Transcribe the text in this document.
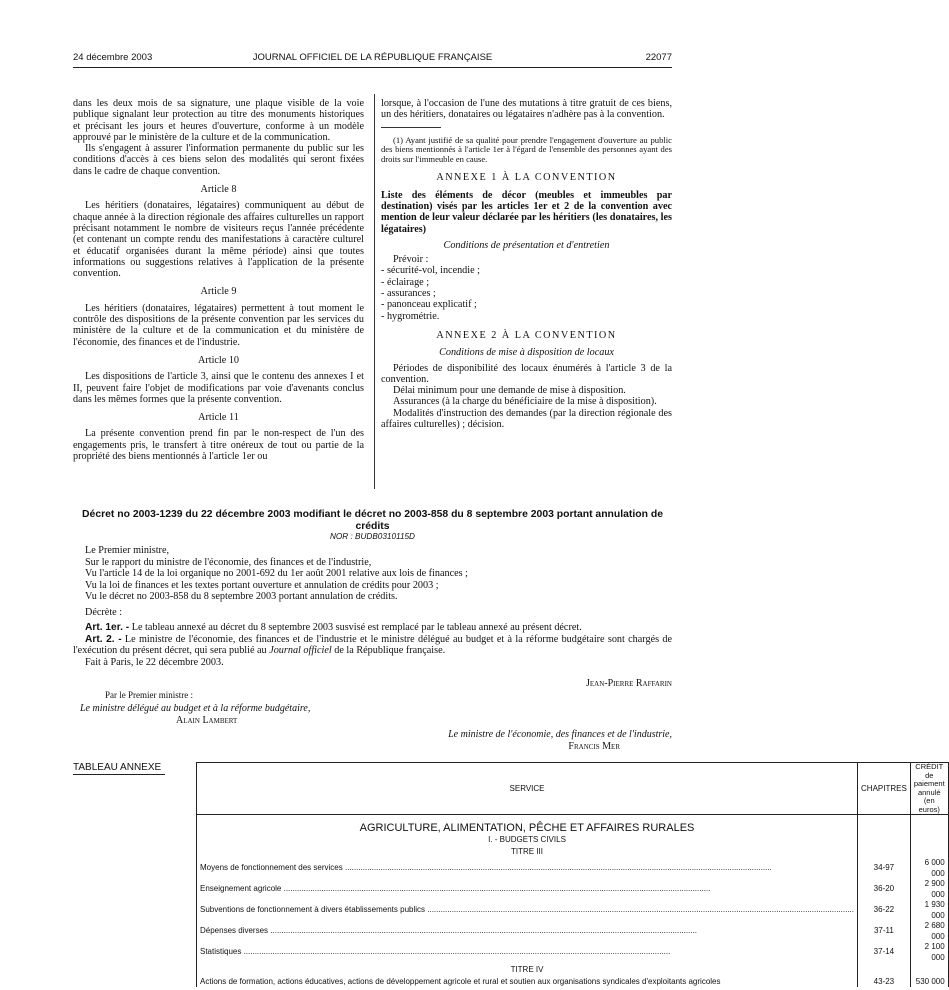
24 décembre 2003	JOURNAL OFFICIEL DE LA RÉPUBLIQUE FRANÇAISE	22077

dans les deux mois de sa signature, une plaque visible de la voie publique signalant leur protection au titre des monuments historiques et précisant les jours et heures d'ouverture, conforme à un modèle approuvé par le ministère de la culture et de la communication.

Ils s'engagent à assurer l'information permanente du public sur les conditions d'accès à ces biens selon des modalités qui seront fixées dans le cadre de chaque convention.

Article 8

Les héritiers (donataires, légataires) communiquent au début de chaque année à la direction régionale des affaires culturelles un rapport précisant notamment le nombre de visiteurs reçus l'année précédente (et contenant un compte rendu des manifestations à caractère culturel et éducatif organisées durant la même période) ainsi que toutes informations ou suggestions relatives à l'application de la présente convention.

Article 9

Les héritiers (donataires, légataires) permettent à tout moment le contrôle des dispositions de la présente convention par les services du ministère de la culture et de la communication et du ministère de l'économie, des finances et de l'industrie.

Article 10

Les dispositions de l'article 3, ainsi que le contenu des annexes I et II, peuvent faire l'objet de modifications par voie d'avenants conclus dans les mêmes formes que la présente convention.

Article 11

La présente convention prend fin par le non-respect de l'un des engagements pris, le transfert à titre onéreux de tout ou partie de la propriété des biens mentionnés à l'article 1er ou

lorsque, à l'occasion de l'une des mutations à titre gratuit de ces biens, un des héritiers, donataires ou légataires n'adhère pas à la convention.

(1) Ayant justifié de sa qualité pour prendre l'engagement d'ouverture au public des biens mentionnés à l'article 1er à l'égard de l'ensemble des personnes ayant des droits sur l'immeuble en cause.

ANNEXE 1 À LA CONVENTION

Liste des éléments de décor (meubles et immeubles par destination) visés par les articles 1er et 2 de la convention avec mention de leur valeur déclarée par les héritiers (les donataires, les légataires)

Conditions de présentation et d'entretien

Prévoir :

- sécurité-vol, incendie ;

- éclairage ;

- assurances ;

- panonceau explicatif ;

- hygrométrie.

ANNEXE 2 À LA CONVENTION

Conditions de mise à disposition de locaux

Périodes de disponibilité des locaux énumérés à l'article 3 de la convention.

Délai minimum pour une demande de mise à disposition.

Assurances (à la charge du bénéficiaire de la mise à disposition).

Modalités d'instruction des demandes (par la direction régionale des affaires culturelles) ; décision.

Décret no 2003-1239 du 22 décembre 2003 modifiant le décret no 2003-858 du 8 septembre 2003 portant annulation de crédits
NOR : BUDB0310115D

Le Premier ministre,

Sur le rapport du ministre de l'économie, des finances et de l'industrie,

Vu l'article 14 de la loi organique no 2001-692 du 1er août 2001 relative aux lois de finances ;

Vu la loi de finances et les textes portant ouverture et annulation de crédits pour 2003 ;

Vu le décret no 2003-858 du 8 septembre 2003 portant annulation de crédits.

Décrète :

Art. 1er. - Le tableau annexé au décret du 8 septembre 2003 susvisé est remplacé par le tableau annexé au présent décret.

Art. 2. - Le ministre de l'économie, des finances et de l'industrie et le ministre délégué au budget et à la réforme budgétaire sont chargés de l'exécution du présent décret, qui sera publié au Journal officiel de la République française.

Fait à Paris, le 22 décembre 2003.

Jean-Pierre Raffarin
Par le Premier ministre :
Le ministre délégué au budget et à la réforme budgétaire,
Alain Lambert
Le ministre de l'économie, des finances et de l'industrie,
Francis Mer
TABLEAU ANNEXE
SERVICE	CHAPITRES	CRÉDIT de paiement annulé (en euros)

AGRICULTURE, ALIMENTATION, PÊCHE ET AFFAIRES RURALES		
I. - BUDGETS CIVILS		
TITRE III		

Moyens de fonctionnement des services .....	34-97	6 000 000

Enseignement agricole .....	36-20	2 900 000

Subventions de fonctionnement à divers établissements publics .....	36-22	1 930 000

Dépenses diverses .....	37-11	2 680 000

Statistiques .....	37-14	2 100 000
TITRE IV		
Actions de formation, actions éducatives, actions de développement agricole et rural et soutien aux organisations syndicales d'exploitants agricoles	43-23	530 000
